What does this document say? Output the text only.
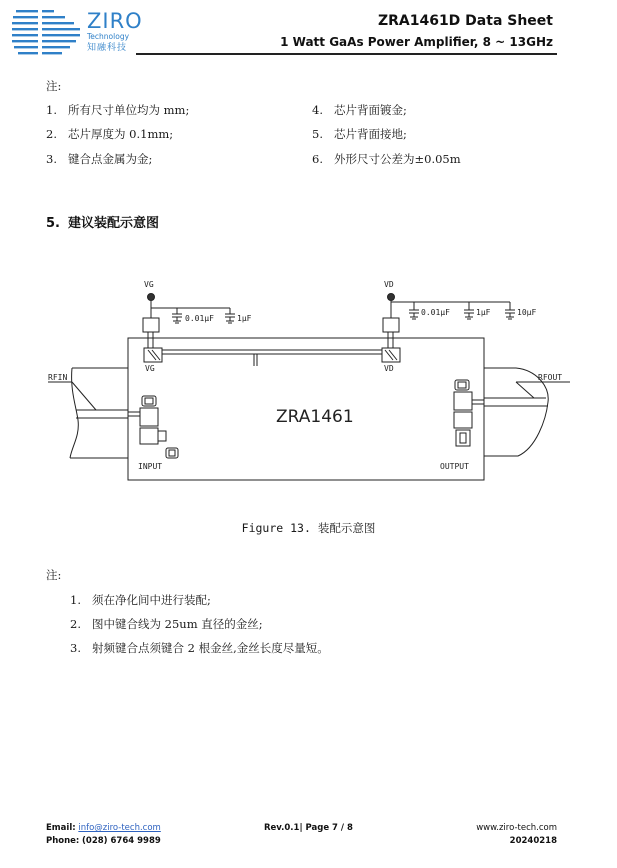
ZIRO
Technology
知融科技
ZRA1461D Data Sheet
1 Watt GaAs Power Amplifier, 8 ~ 13GHz
注:
1. 所有尺寸单位均为 mm;
2. 芯片厚度为 0.1mm;
3. 键合点金属为金;
4. 芯片背面镀金;
5. 芯片背面接地;
6. 外形尺寸公差为±0.05m
5. 建议装配示意图
VG
0.01μF	1μF
VD
0.01μF	1μF	10μF
VG	VD
ZRA1461
INPUT	OUTPUT
RFIN	RFOUT
Figure 13. 装配示意图
注:
1. 须在净化间中进行装配;
2. 图中键合线为 25um 直径的金丝;
3. 射频键合点须键合 2 根金丝,金丝长度尽量短。
Email: info@ziro-tech.com
Phone: (028) 6764 9989
Rev.0.1| Page 7 / 8	www.ziro-tech.com
20240218
